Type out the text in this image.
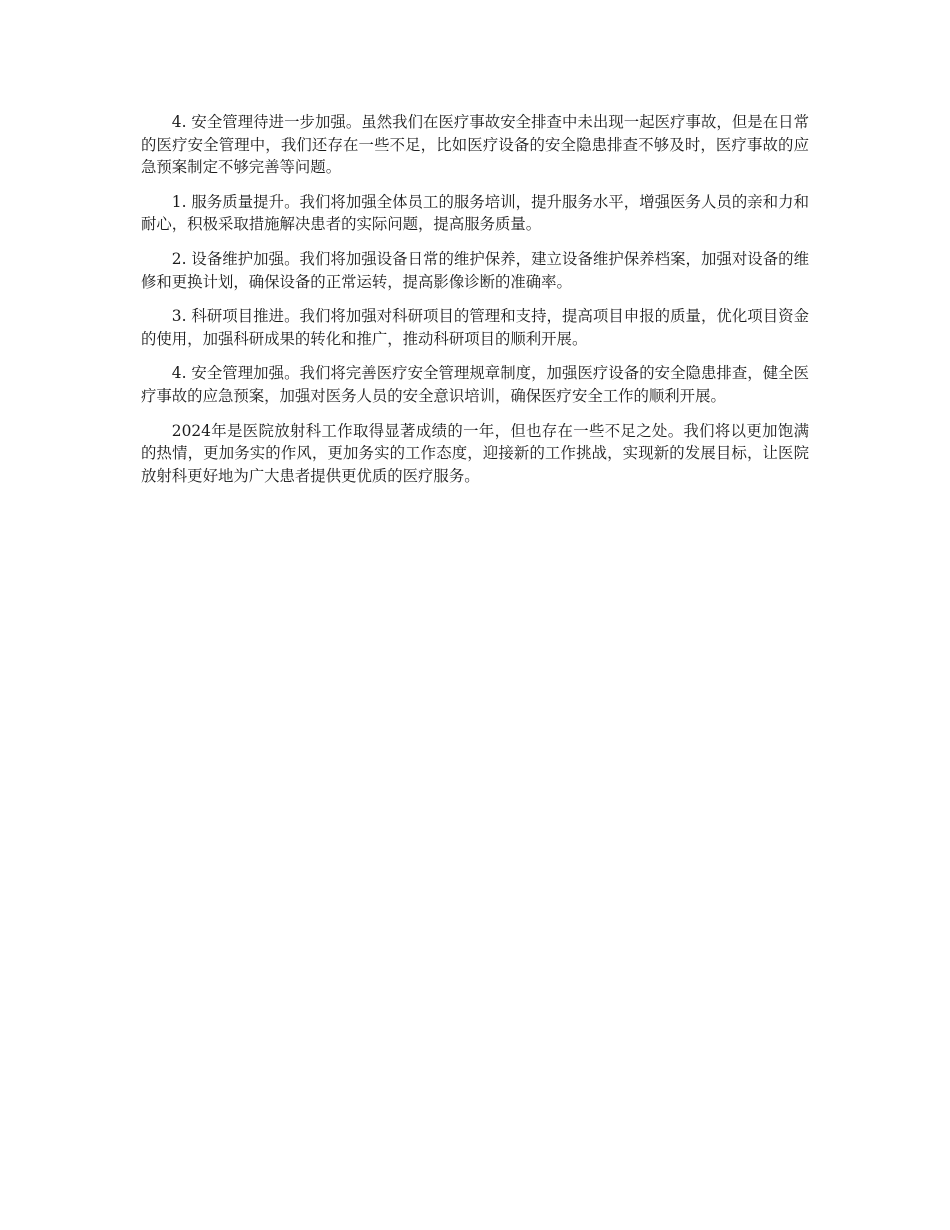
4. 安全管理待进一步加强。虽然我们在医疗事故安全排查中未出现一起医疗事故，但是在日常的医疗安全管理中，我们还存在一些不足，比如医疗设备的安全隐患排查不够及时，医疗事故的应急预案制定不够完善等问题。

1. 服务质量提升。我们将加强全体员工的服务培训，提升服务水平，增强医务人员的亲和力和耐心，积极采取措施解决患者的实际问题，提高服务质量。

2. 设备维护加强。我们将加强设备日常的维护保养，建立设备维护保养档案，加强对设备的维修和更换计划，确保设备的正常运转，提高影像诊断的准确率。

3. 科研项目推进。我们将加强对科研项目的管理和支持，提高项目申报的质量，优化项目资金的使用，加强科研成果的转化和推广，推动科研项目的顺利开展。

4. 安全管理加强。我们将完善医疗安全管理规章制度，加强医疗设备的安全隐患排查，健全医疗事故的应急预案，加强对医务人员的安全意识培训，确保医疗安全工作的顺利开展。

2024年是医院放射科工作取得显著成绩的一年，但也存在一些不足之处。我们将以更加饱满的热情，更加务实的作风，更加务实的工作态度，迎接新的工作挑战，实现新的发展目标，让医院放射科更好地为广大患者提供更优质的医疗服务。
